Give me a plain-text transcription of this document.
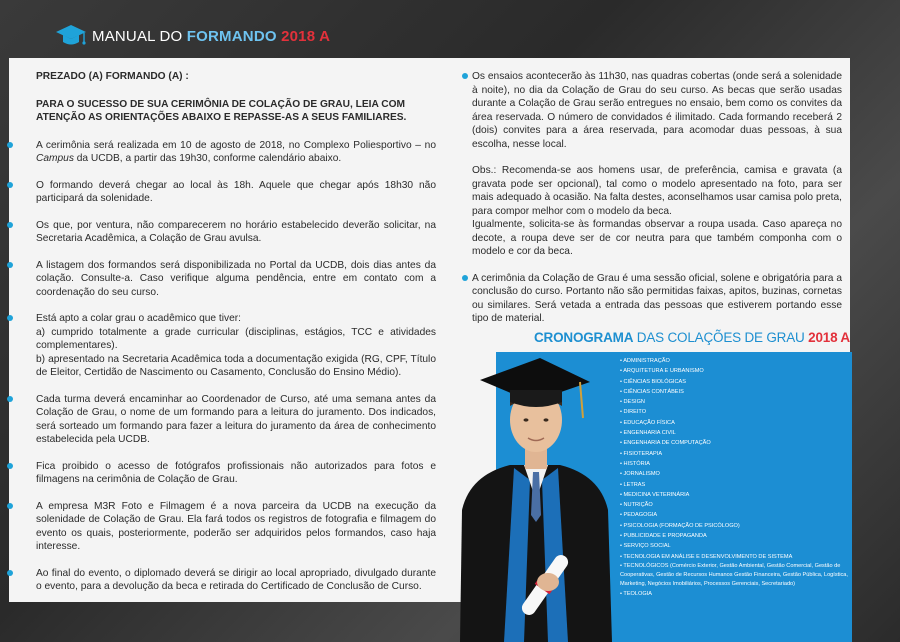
MANUAL DO FORMANDO 2018 A
PREZADO (A) FORMANDO (A) :
PARA O SUCESSO DE SUA CERIMÔNIA DE COLAÇÃO DE GRAU, LEIA COM ATENÇÃO AS ORIENTAÇÕES ABAIXO E REPASSE-AS A SEUS FAMILIARES.
A cerimônia será realizada em 10 de agosto de 2018, no Complexo Poliesportivo – no Campus da UCDB, a partir das 19h30, conforme calendário abaixo.
O formando deverá chegar ao local às 18h. Aquele que chegar após 18h30 não participará da solenidade.
Os que, por ventura, não comparecerem no horário estabelecido deverão solicitar, na Secretaria Acadêmica, a Colação de Grau avulsa.
A listagem dos formandos será disponibilizada no Portal da UCDB, dois dias antes da colação. Consulte-a. Caso verifique alguma pendência, entre em contato com a coordenação do seu curso.
Está apto a colar grau o acadêmico que tiver:
a) cumprido totalmente a grade curricular (disciplinas, estágios, TCC e atividades complementares).
b) apresentado na Secretaria Acadêmica toda a documentação exigida (RG, CPF, Título de Eleitor, Certidão de Nascimento ou Casamento, Conclusão do Ensino Médio).
Cada turma deverá encaminhar ao Coordenador de Curso, até uma semana antes da Colação de Grau, o nome de um formando para a leitura do juramento. Dos indicados, será sorteado um formando para fazer a leitura do juramento da área de conhecimento estabelecida pela UCDB.
Fica proibido o acesso de fotógrafos profissionais não autorizados para fotos e filmagens na cerimônia de Colação de Grau.
A empresa M3R Foto e Filmagem é a nova parceira da UCDB na execução da solenidade de Colação de Grau. Ela fará todos os registros de fotografia e filmagem do evento os quais, posteriormente, poderão ser adquiridos pelos formandos, caso haja interesse.
Ao final do evento, o diplomado deverá se dirigir ao local apropriado, divulgado durante o evento, para a devolução da beca e retirada do Certificado de Conclusão de Curso.
Os ensaios acontecerão às 11h30, nas quadras cobertas (onde será a solenidade à noite), no dia da Colação de Grau do seu curso. As becas que serão usadas durante a Colação de Grau serão entregues no ensaio, bem como os convites da área reservada. O número de convidados é ilimitado. Cada formando receberá 2 (dois) convites para a área reservada, para acomodar duas pessoas, à sua escolha, nesse local.

Obs.: Recomenda-se aos homens usar, de preferência, camisa e gravata (a gravata pode ser opcional), tal como o modelo apresentado na foto, para ser mais adequado à ocasião. Na falta destes, aconselhamos usar camisa polo preta, para compor melhor com o modelo da beca.

Igualmente, solicita-se às formandas observar a roupa usada. Caso apareça no decote, a roupa deve ser de cor neutra para que também componha com o modelo e cor da beca.

A cerimônia da Colação de Grau é uma sessão oficial, solene e obrigatória para a conclusão do curso. Portanto não são permitidas faixas, apitos, buzinas, cornetas ou similares. Será vetada a entrada das pessoas que estiverem portando esse tipo de material.
CRONOGRAMA DAS COLAÇÕES DE GRAU 2018 A
• ADMINISTRAÇÃO
• ARQUITETURA E URBANISMO
• CIÊNCIAS BIOLÓGICAS
• CIÊNCIAS CONTÁBEIS
• DESIGN
• DIREITO
• EDUCAÇÃO FÍSICA
• ENGENHARIA CIVIL
• ENGENHARIA DE COMPUTAÇÃO
• FISIOTERAPIA
• HISTÓRIA
• JORNALISMO
• LETRAS
• MEDICINA VETERINÁRIA
• NUTRIÇÃO
• PEDAGOGIA
• PSICOLOGIA (FORMAÇÃO DE PSICÓLOGO)
• PUBLICIDADE E PROPAGANDA
• SERVIÇO SOCIAL
• TECNOLOGIA EM ANÁLISE E DESENVOLVIMENTO DE SISTEMA
• TECNOLÓGICOS (Comércio Exterior, Gestão Ambiental, Gestão Comercial, Gestão de Cooperativas, Gestão de Recursos Humanos Gestão Financeira, Gestão Pública, Logística, Marketing, Negócios Imobiliários, Processos Gerenciais, Secretariado)
• TEOLOGIA
